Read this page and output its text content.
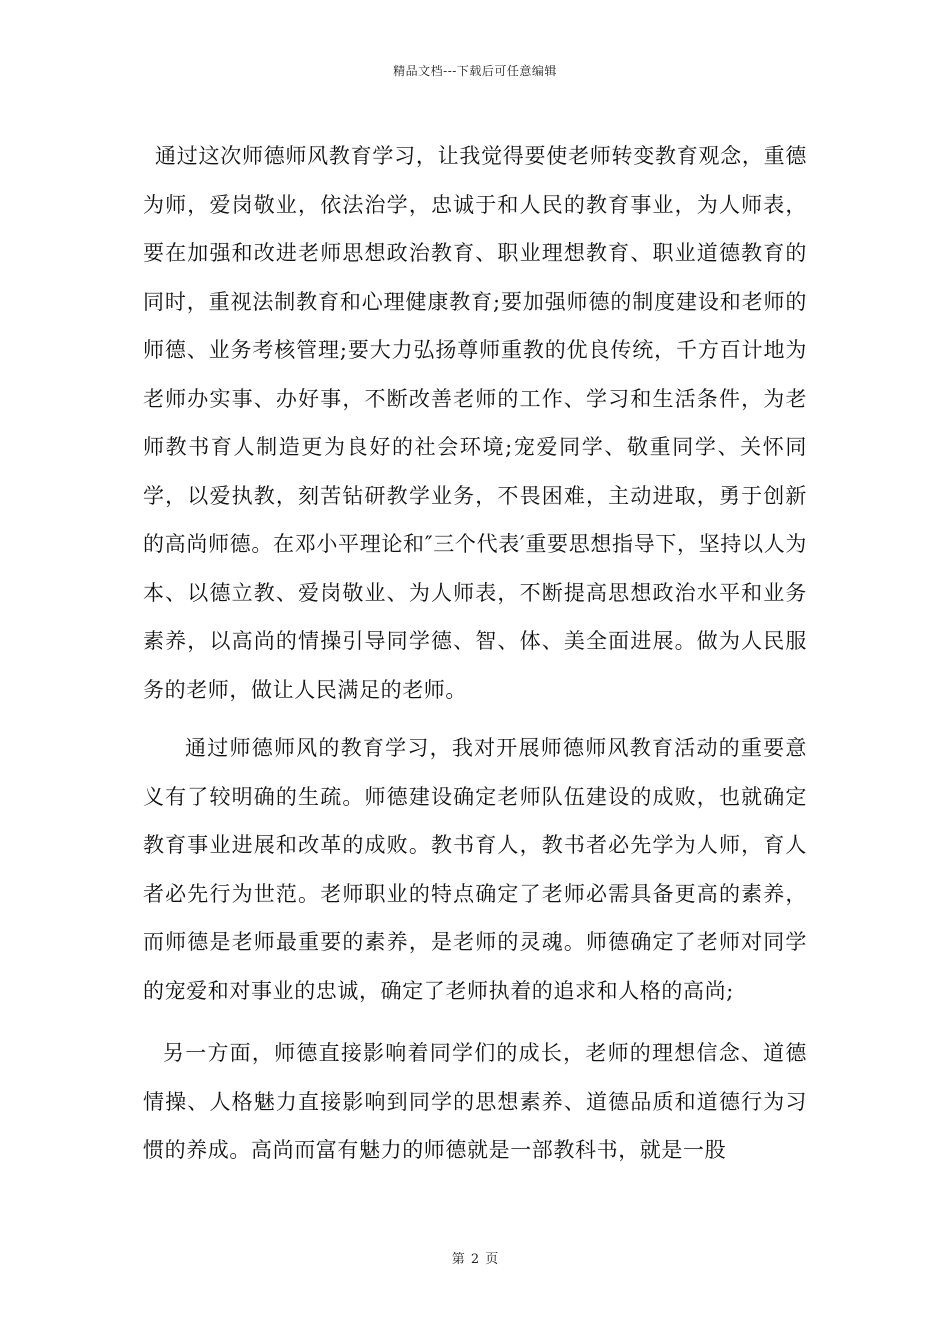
精品文档---下载后可任意编辑

通过这次师德师风教育学习，让我觉得要使老师转变教育观念，重德为师，爱岗敬业，依法治学，忠诚于和人民的教育事业，为人师表，要在加强和改进老师思想政治教育、职业理想教育、职业道德教育的同时，重视法制教育和心理健康教育;要加强师德的制度建设和老师的师德、业务考核管理;要大力弘扬尊师重教的优良传统，千方百计地为老师办实事、办好事，不断改善老师的工作、学习和生活条件，为老师教书育人制造更为良好的社会环境;宠爱同学、敬重同学、关怀同学，以爱执教，刻苦钻研教学业务，不畏困难，主动进取，勇于创新的高尚师德。在邓小平理论和″三个代表′重要思想指导下，坚持以人为本、以德立教、爱岗敬业、为人师表，不断提高思想政治水平和业务素养，以高尚的情操引导同学德、智、体、美全面进展。做为人民服务的老师，做让人民满足的老师。

通过师德师风的教育学习，我对开展师德师风教育活动的重要意义有了较明确的生疏。师德建设确定老师队伍建设的成败，也就确定教育事业进展和改革的成败。教书育人，教书者必先学为人师，育人者必先行为世范。老师职业的特点确定了老师必需具备更高的素养，而师德是老师最重要的素养，是老师的灵魂。师德确定了老师对同学的宠爱和对事业的忠诚，确定了老师执着的追求和人格的高尚;

另一方面，师德直接影响着同学们的成长，老师的理想信念、道德情操、人格魅力直接影响到同学的思想素养、道德品质和道德行为习惯的养成。高尚而富有魅力的师德就是一部教科书，就是一股

第 2 页
